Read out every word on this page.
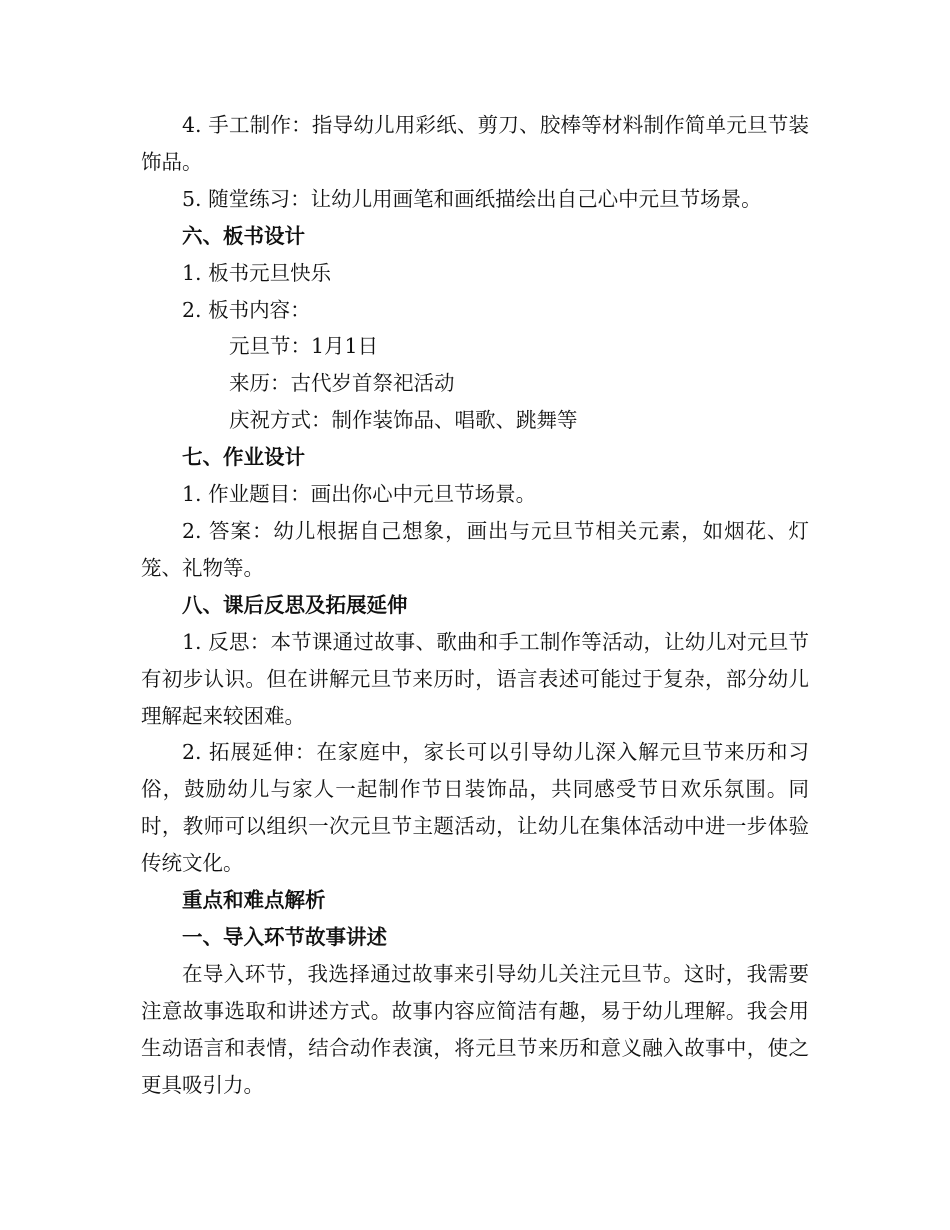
4. 手工制作：指导幼儿用彩纸、剪刀、胶棒等材料制作简单元旦节装饰品。

5. 随堂练习：让幼儿用画笔和画纸描绘出自己心中元旦节场景。

六、板书设计

1. 板书元旦快乐

2. 板书内容：

元旦节：1月1日

来历：古代岁首祭祀活动

庆祝方式：制作装饰品、唱歌、跳舞等

七、作业设计

1. 作业题目：画出你心中元旦节场景。

2. 答案：幼儿根据自己想象，画出与元旦节相关元素，如烟花、灯笼、礼物等。

八、课后反思及拓展延伸

1. 反思：本节课通过故事、歌曲和手工制作等活动，让幼儿对元旦节有初步认识。但在讲解元旦节来历时，语言表述可能过于复杂，部分幼儿理解起来较困难。

2. 拓展延伸：在家庭中，家长可以引导幼儿深入解元旦节来历和习俗，鼓励幼儿与家人一起制作节日装饰品，共同感受节日欢乐氛围。同时，教师可以组织一次元旦节主题活动，让幼儿在集体活动中进一步体验传统文化。

重点和难点解析

一、导入环节故事讲述

在导入环节，我选择通过故事来引导幼儿关注元旦节。这时，我需要注意故事选取和讲述方式。故事内容应简洁有趣，易于幼儿理解。我会用生动语言和表情，结合动作表演，将元旦节来历和意义融入故事中，使之更具吸引力。
